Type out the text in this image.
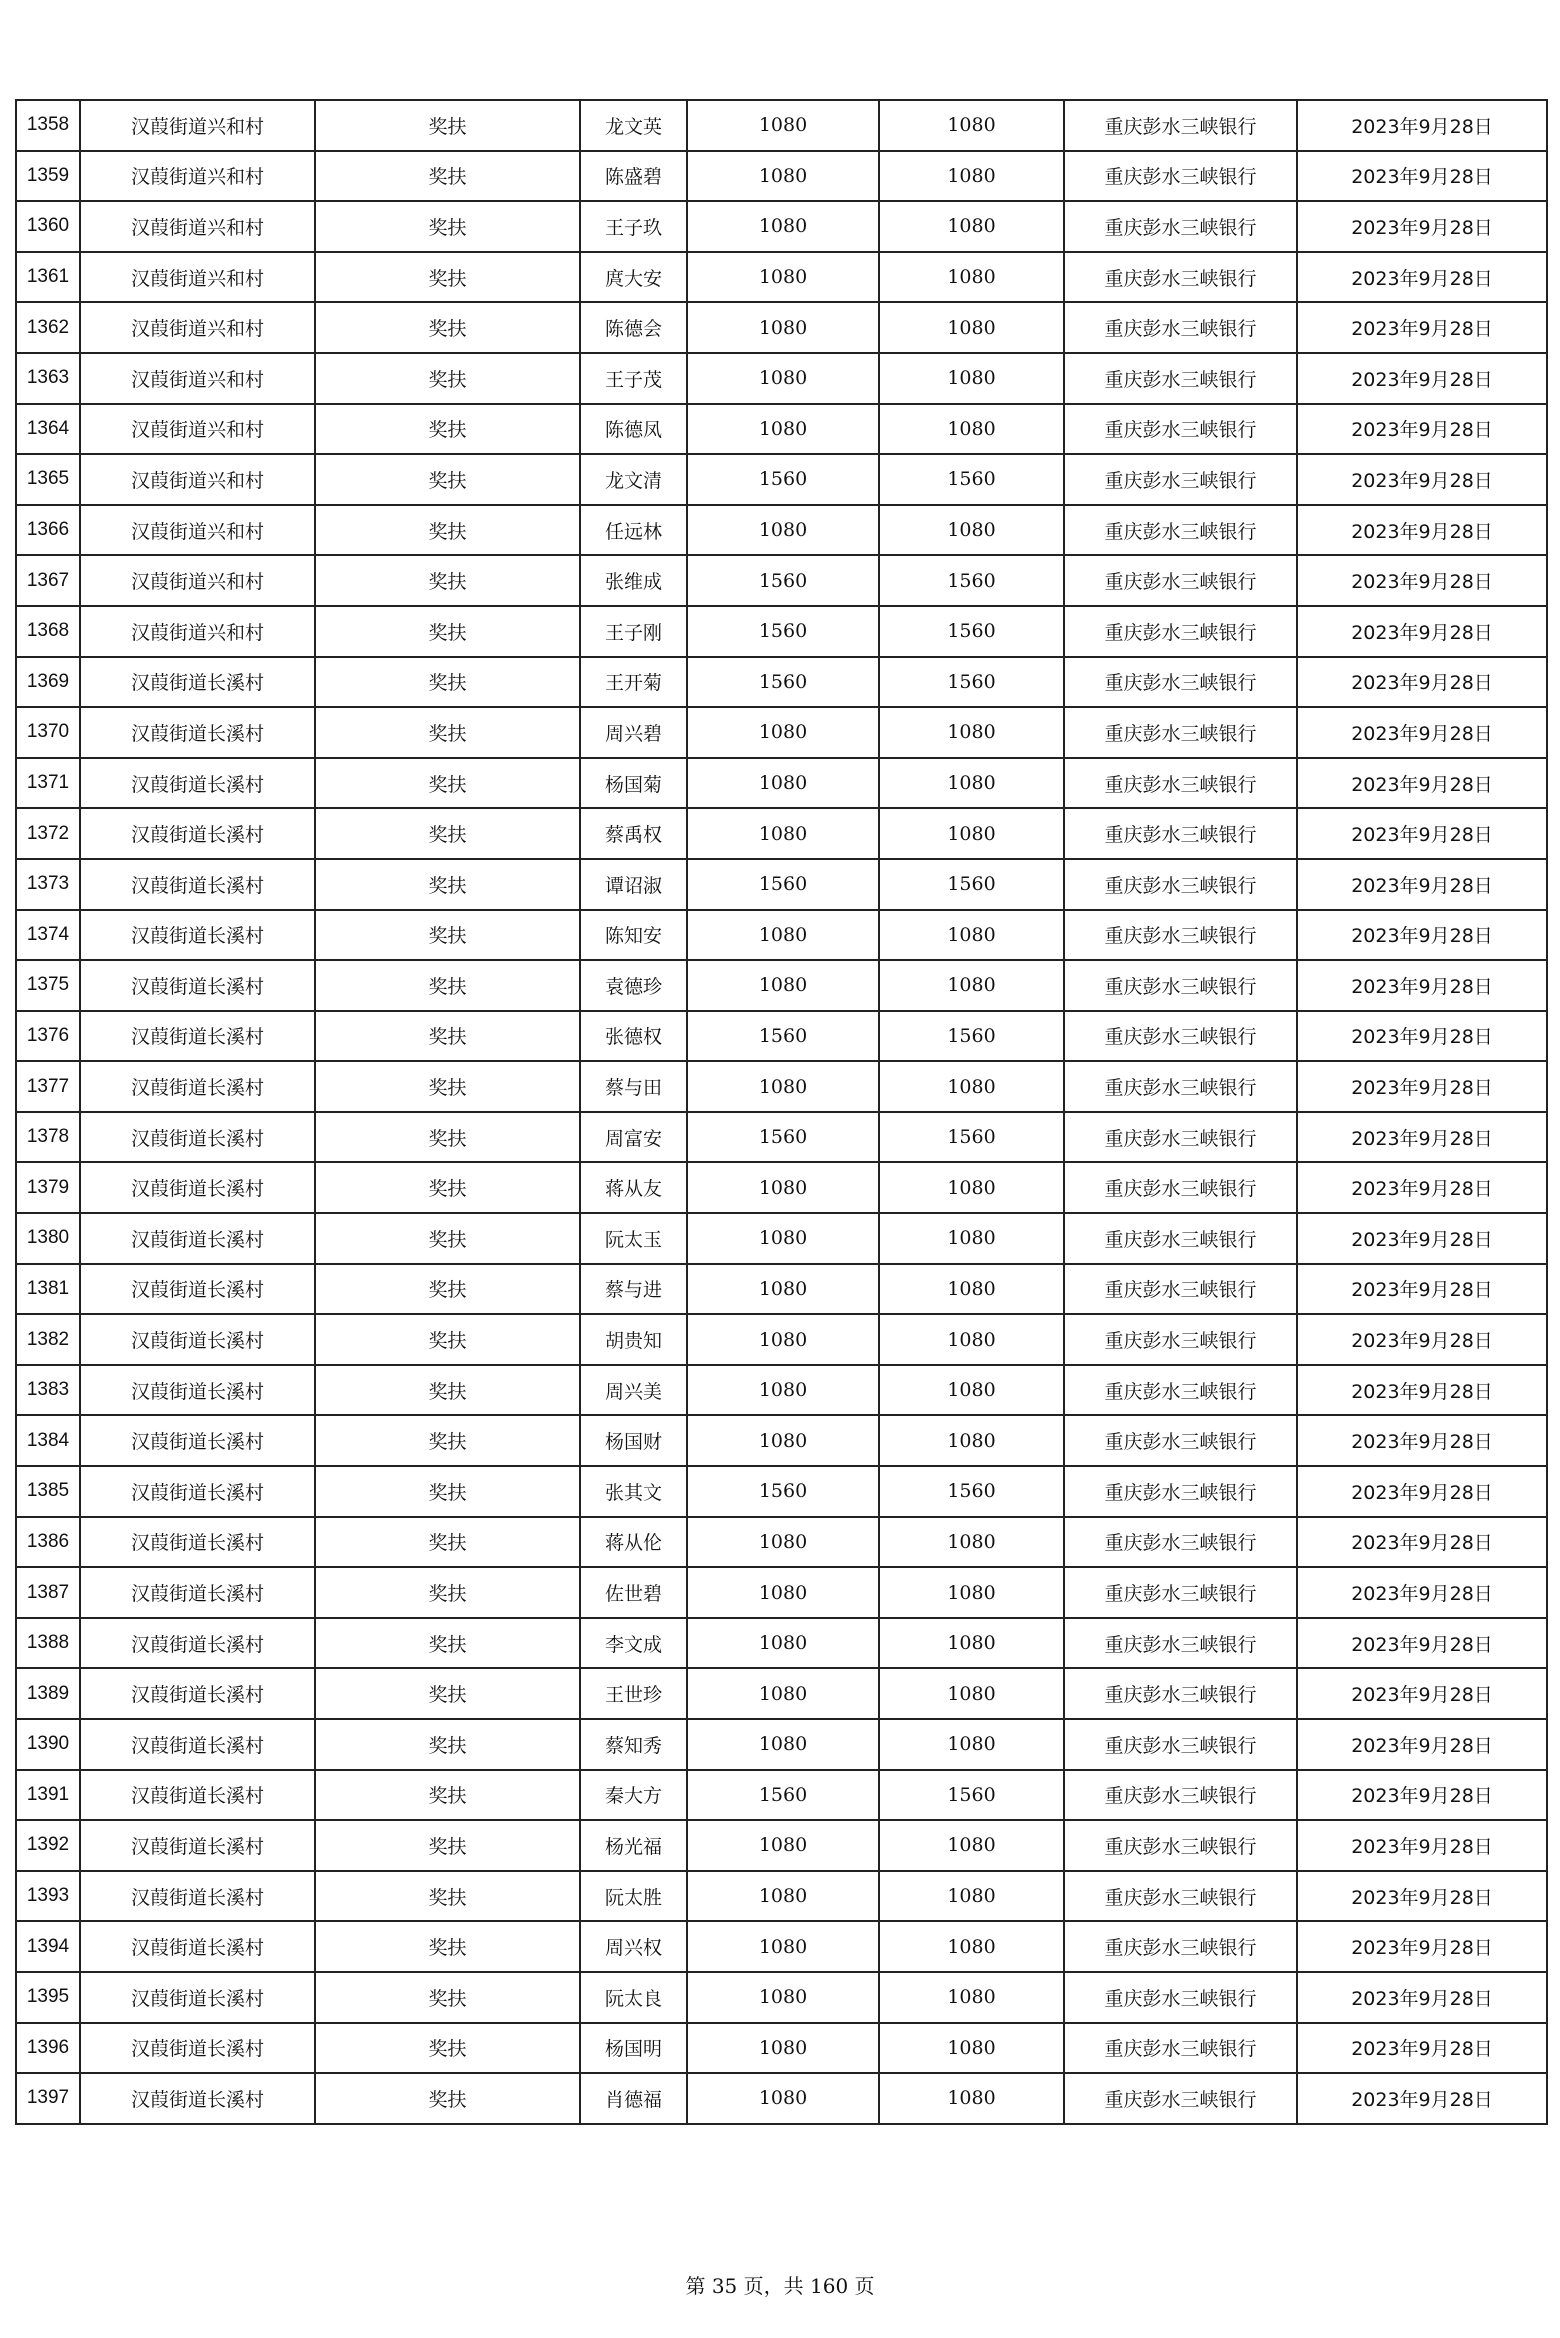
1358	汉葭街道兴和村	奖扶	龙文英	1080	1080	重庆彭水三峡银行	2023年9月28日
1359	汉葭街道兴和村	奖扶	陈盛碧	1080	1080	重庆彭水三峡银行	2023年9月28日
1360	汉葭街道兴和村	奖扶	王子玖	1080	1080	重庆彭水三峡银行	2023年9月28日
1361	汉葭街道兴和村	奖扶	庹大安	1080	1080	重庆彭水三峡银行	2023年9月28日
1362	汉葭街道兴和村	奖扶	陈德会	1080	1080	重庆彭水三峡银行	2023年9月28日
1363	汉葭街道兴和村	奖扶	王子茂	1080	1080	重庆彭水三峡银行	2023年9月28日
1364	汉葭街道兴和村	奖扶	陈德凤	1080	1080	重庆彭水三峡银行	2023年9月28日
1365	汉葭街道兴和村	奖扶	龙文清	1560	1560	重庆彭水三峡银行	2023年9月28日
1366	汉葭街道兴和村	奖扶	任远林	1080	1080	重庆彭水三峡银行	2023年9月28日
1367	汉葭街道兴和村	奖扶	张维成	1560	1560	重庆彭水三峡银行	2023年9月28日
1368	汉葭街道兴和村	奖扶	王子刚	1560	1560	重庆彭水三峡银行	2023年9月28日
1369	汉葭街道长溪村	奖扶	王开菊	1560	1560	重庆彭水三峡银行	2023年9月28日
1370	汉葭街道长溪村	奖扶	周兴碧	1080	1080	重庆彭水三峡银行	2023年9月28日
1371	汉葭街道长溪村	奖扶	杨国菊	1080	1080	重庆彭水三峡银行	2023年9月28日
1372	汉葭街道长溪村	奖扶	蔡禹权	1080	1080	重庆彭水三峡银行	2023年9月28日
1373	汉葭街道长溪村	奖扶	谭诏淑	1560	1560	重庆彭水三峡银行	2023年9月28日
1374	汉葭街道长溪村	奖扶	陈知安	1080	1080	重庆彭水三峡银行	2023年9月28日
1375	汉葭街道长溪村	奖扶	袁德珍	1080	1080	重庆彭水三峡银行	2023年9月28日
1376	汉葭街道长溪村	奖扶	张德权	1560	1560	重庆彭水三峡银行	2023年9月28日
1377	汉葭街道长溪村	奖扶	蔡与田	1080	1080	重庆彭水三峡银行	2023年9月28日
1378	汉葭街道长溪村	奖扶	周富安	1560	1560	重庆彭水三峡银行	2023年9月28日
1379	汉葭街道长溪村	奖扶	蒋从友	1080	1080	重庆彭水三峡银行	2023年9月28日
1380	汉葭街道长溪村	奖扶	阮太玉	1080	1080	重庆彭水三峡银行	2023年9月28日
1381	汉葭街道长溪村	奖扶	蔡与进	1080	1080	重庆彭水三峡银行	2023年9月28日
1382	汉葭街道长溪村	奖扶	胡贵知	1080	1080	重庆彭水三峡银行	2023年9月28日
1383	汉葭街道长溪村	奖扶	周兴美	1080	1080	重庆彭水三峡银行	2023年9月28日
1384	汉葭街道长溪村	奖扶	杨国财	1080	1080	重庆彭水三峡银行	2023年9月28日
1385	汉葭街道长溪村	奖扶	张其文	1560	1560	重庆彭水三峡银行	2023年9月28日
1386	汉葭街道长溪村	奖扶	蒋从伦	1080	1080	重庆彭水三峡银行	2023年9月28日
1387	汉葭街道长溪村	奖扶	佐世碧	1080	1080	重庆彭水三峡银行	2023年9月28日
1388	汉葭街道长溪村	奖扶	李文成	1080	1080	重庆彭水三峡银行	2023年9月28日
1389	汉葭街道长溪村	奖扶	王世珍	1080	1080	重庆彭水三峡银行	2023年9月28日
1390	汉葭街道长溪村	奖扶	蔡知秀	1080	1080	重庆彭水三峡银行	2023年9月28日
1391	汉葭街道长溪村	奖扶	秦大方	1560	1560	重庆彭水三峡银行	2023年9月28日
1392	汉葭街道长溪村	奖扶	杨光福	1080	1080	重庆彭水三峡银行	2023年9月28日
1393	汉葭街道长溪村	奖扶	阮太胜	1080	1080	重庆彭水三峡银行	2023年9月28日
1394	汉葭街道长溪村	奖扶	周兴权	1080	1080	重庆彭水三峡银行	2023年9月28日
1395	汉葭街道长溪村	奖扶	阮太良	1080	1080	重庆彭水三峡银行	2023年9月28日
1396	汉葭街道长溪村	奖扶	杨国明	1080	1080	重庆彭水三峡银行	2023年9月28日
1397	汉葭街道长溪村	奖扶	肖德福	1080	1080	重庆彭水三峡银行	2023年9月28日
第 35 页，共 160 页
